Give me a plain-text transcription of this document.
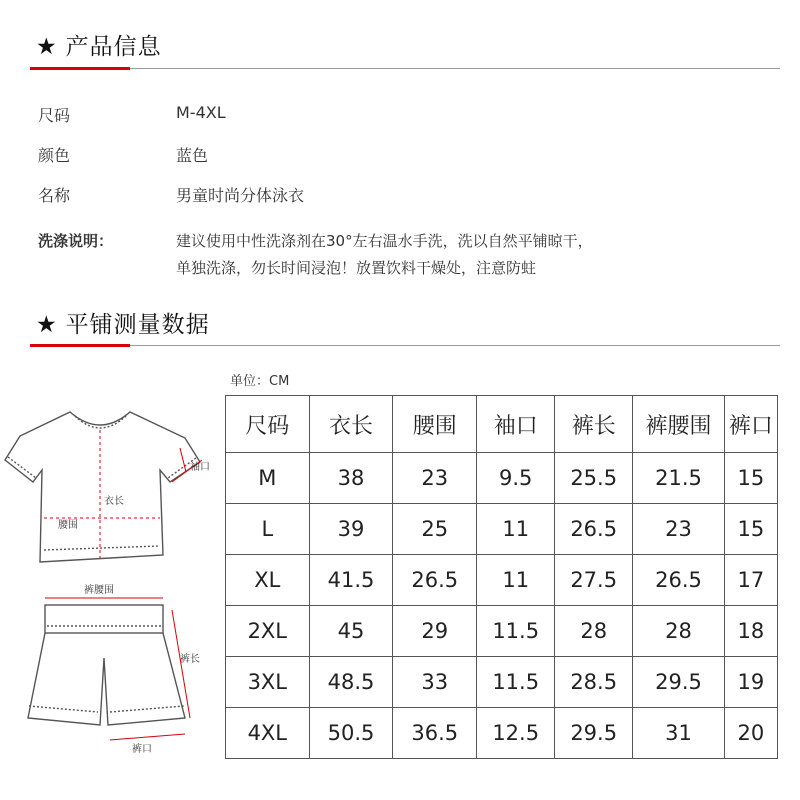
★ 产品信息
尺码	M-4XL
颜色	蓝色
名称	男童时尚分体泳衣
洗涤说明：	建议使用中性洗涤剂在30°左右温水手洗，洗以自然平铺晾干，
单独洗涤，勿长时间浸泡！放置饮料干燥处，注意防蛀
★ 平铺测量数据
单位：CM
衣长
腰围
袖口
裤腰围
裤长
裤口
尺码	衣长	腰围	袖口	裤长	裤腰围	裤口
M	38	23	9.5	25.5	21.5	15
L	39	25	11	26.5	23	15
XL	41.5	26.5	11	27.5	26.5	17
2XL	45	29	11.5	28	28	18
3XL	48.5	33	11.5	28.5	29.5	19
4XL	50.5	36.5	12.5	29.5	31	20
